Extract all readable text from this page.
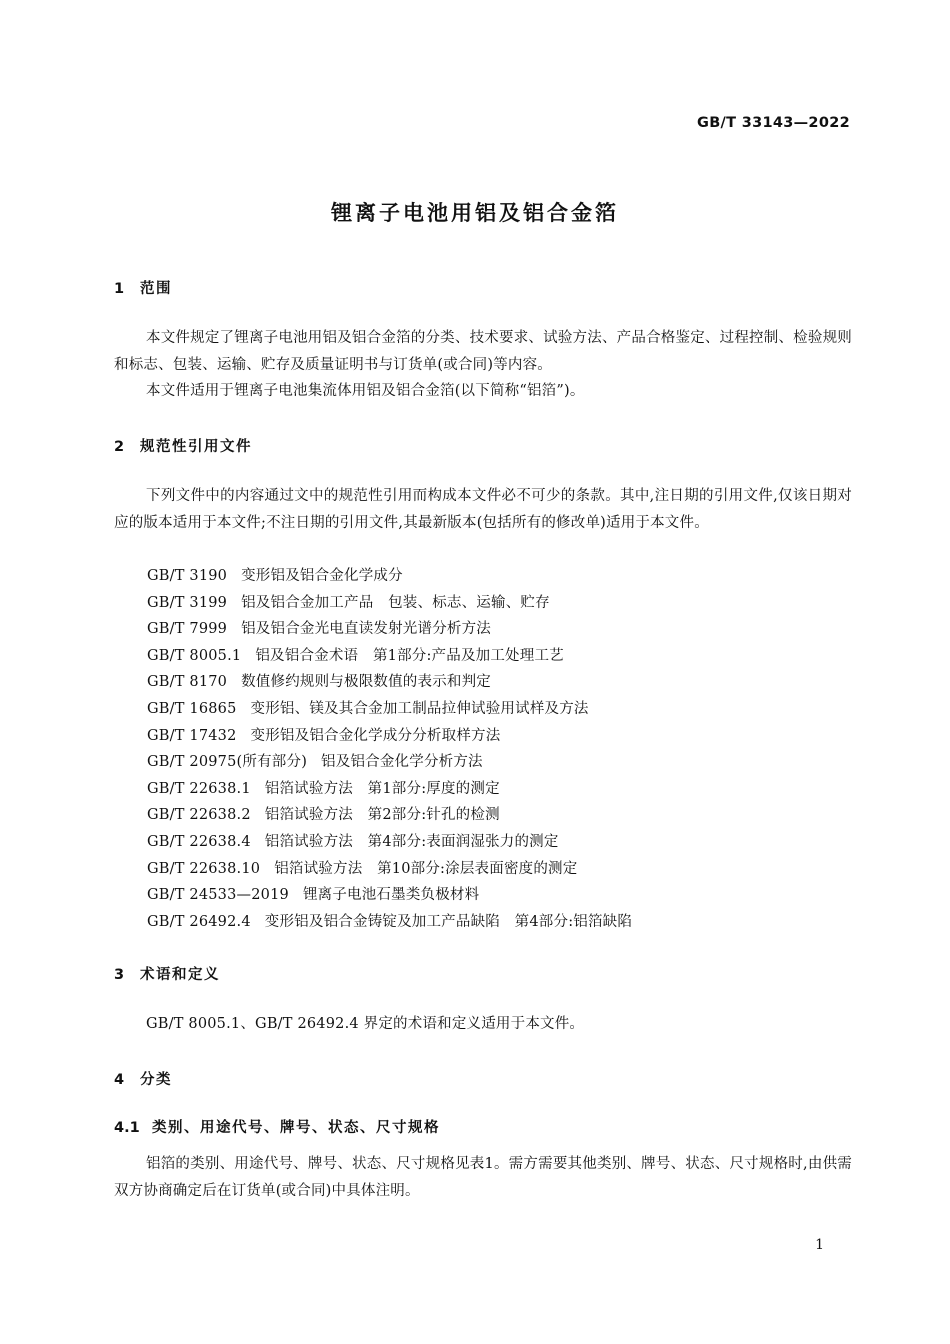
GB/T 33143—2022
锂离子电池用铝及铝合金箔
1 范围

本文件规定了锂离子电池用铝及铝合金箔的分类、技术要求、试验方法、产品合格鉴定、过程控制、检验规则和标志、包装、运输、贮存及质量证明书与订货单(或合同)等内容。

本文件适用于锂离子电池集流体用铝及铝合金箔(以下简称“铝箔”)。

2 规范性引用文件

下列文件中的内容通过文中的规范性引用而构成本文件必不可少的条款。其中,注日期的引用文件,仅该日期对应的版本适用于本文件;不注日期的引用文件,其最新版本(包括所有的修改单)适用于本文件。

GB/T 3190 变形铝及铝合金化学成分
GB/T 3199 铝及铝合金加工产品　包装、标志、运输、贮存
GB/T 7999 铝及铝合金光电直读发射光谱分析方法
GB/T 8005.1 铝及铝合金术语　第1部分:产品及加工处理工艺
GB/T 8170 数值修约规则与极限数值的表示和判定
GB/T 16865 变形铝、镁及其合金加工制品拉伸试验用试样及方法
GB/T 17432 变形铝及铝合金化学成分分析取样方法
GB/T 20975(所有部分) 铝及铝合金化学分析方法
GB/T 22638.1 铝箔试验方法　第1部分:厚度的测定
GB/T 22638.2 铝箔试验方法　第2部分:针孔的检测
GB/T 22638.4 铝箔试验方法　第4部分:表面润湿张力的测定
GB/T 22638.10 铝箔试验方法　第10部分:涂层表面密度的测定
GB/T 24533—2019 锂离子电池石墨类负极材料
GB/T 26492.4 变形铝及铝合金铸锭及加工产品缺陷　第4部分:铝箔缺陷
3 术语和定义

GB/T 8005.1、GB/T 26492.4 界定的术语和定义适用于本文件。

4 分类
4.1 类别、用途代号、牌号、状态、尺寸规格

铝箔的类别、用途代号、牌号、状态、尺寸规格见表1。需方需要其他类别、牌号、状态、尺寸规格时,由供需双方协商确定后在订货单(或合同)中具体注明。

1
